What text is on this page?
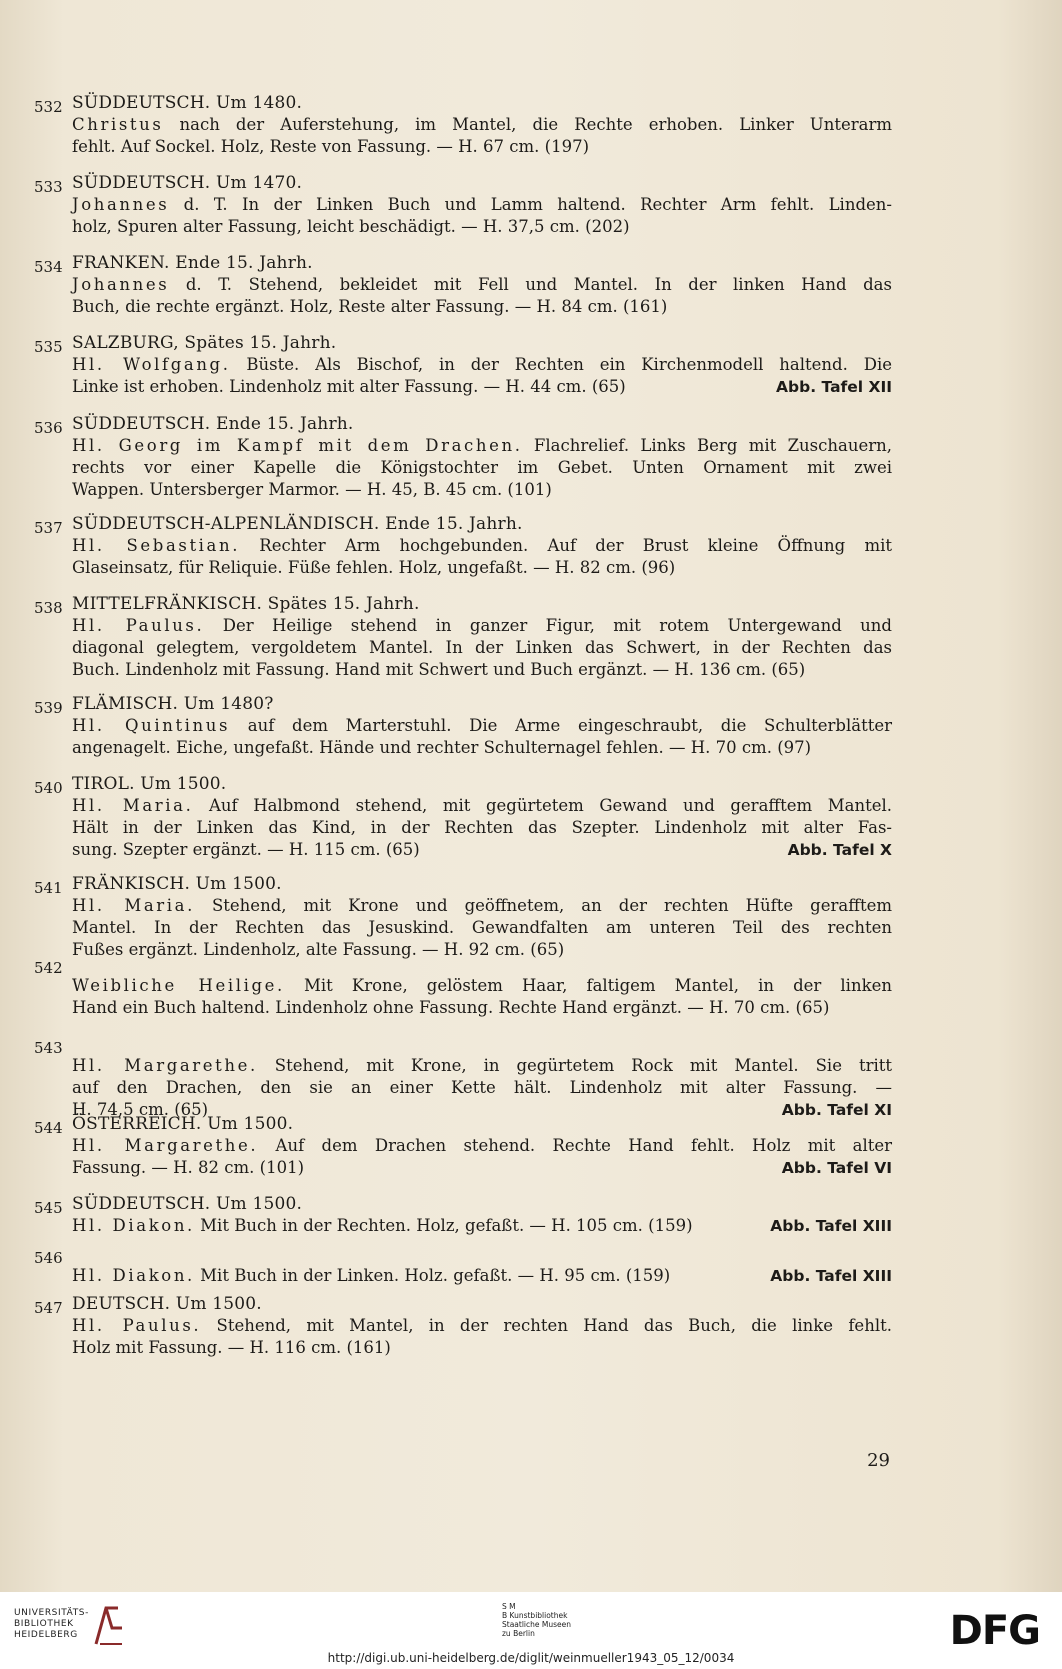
532 SÜDDEUTSCH. Um 1480.
Christus nach der Auferstehung, im Mantel, die Rechte erhoben. Linker Unterarm
fehlt. Auf Sockel. Holz, Reste von Fassung. — H. 67 cm. (197)
533 SÜDDEUTSCH. Um 1470.
Johannes d. T. In der Linken Buch und Lamm haltend. Rechter Arm fehlt. Linden-
holz, Spuren alter Fassung, leicht beschädigt. — H. 37,5 cm. (202)
534 FRANKEN. Ende 15. Jahrh.
Johannes d. T. Stehend, bekleidet mit Fell und Mantel. In der linken Hand das
Buch, die rechte ergänzt. Holz, Reste alter Fassung. — H. 84 cm. (161)
535 SALZBURG, Spätes 15. Jahrh.
Hl. Wolfgang. Büste. Als Bischof, in der Rechten ein Kirchenmodell haltend. Die
Linke ist erhoben. Lindenholz mit alter Fassung. — H. 44 cm. (65)	Abb. Tafel XII
536 SÜDDEUTSCH. Ende 15. Jahrh.
Hl. Georg im Kampf mit dem Drachen. Flachrelief. Links Berg mit Zuschauern,
rechts vor einer Kapelle die Königstochter im Gebet. Unten Ornament mit zwei
Wappen. Untersberger Marmor. — H. 45, B. 45 cm. (101)
537 SÜDDEUTSCH-ALPENLÄNDISCH. Ende 15. Jahrh.
Hl. Sebastian. Rechter Arm hochgebunden. Auf der Brust kleine Öffnung mit
Glaseinsatz, für Reliquie. Füße fehlen. Holz, ungefaßt. — H. 82 cm. (96)
538 MITTELFRÄNKISCH. Spätes 15. Jahrh.
Hl. Paulus. Der Heilige stehend in ganzer Figur, mit rotem Untergewand und
diagonal gelegtem, vergoldetem Mantel. In der Linken das Schwert, in der Rechten das
Buch. Lindenholz mit Fassung. Hand mit Schwert und Buch ergänzt. — H. 136 cm. (65)
539 FLÄMISCH. Um 1480?
Hl. Quintinus auf dem Marterstuhl. Die Arme eingeschraubt, die Schulterblätter
angenagelt. Eiche, ungefaßt. Hände und rechter Schulternagel fehlen. — H. 70 cm. (97)
540 TIROL. Um 1500.
Hl. Maria. Auf Halbmond stehend, mit gegürtetem Gewand und gerafftem Mantel.
Hält in der Linken das Kind, in der Rechten das Szepter. Lindenholz mit alter Fas-
sung. Szepter ergänzt. — H. 115 cm. (65)	Abb. Tafel X
541 FRÄNKISCH. Um 1500.
Hl. Maria. Stehend, mit Krone und geöffnetem, an der rechten Hüfte gerafftem
Mantel. In der Rechten das Jesuskind. Gewandfalten am unteren Teil des rechten
Fußes ergänzt. Lindenholz, alte Fassung. — H. 92 cm. (65)
542
Weibliche Heilige. Mit Krone, gelöstem Haar, faltigem Mantel, in der linken
Hand ein Buch haltend. Lindenholz ohne Fassung. Rechte Hand ergänzt. — H. 70 cm. (65)
543
Hl. Margarethe. Stehend, mit Krone, in gegürtetem Rock mit Mantel. Sie tritt
auf den Drachen, den sie an einer Kette hält. Lindenholz mit alter Fassung. —
H. 74,5 cm. (65)	Abb. Tafel XI
544 ÖSTERREICH. Um 1500.
Hl. Margarethe. Auf dem Drachen stehend. Rechte Hand fehlt. Holz mit alter
Fassung. — H. 82 cm. (101)	Abb. Tafel VI
545 SÜDDEUTSCH. Um 1500.
Hl. Diakon. Mit Buch in der Rechten. Holz, gefaßt. — H. 105 cm. (159)	Abb. Tafel XIII
546
Hl. Diakon. Mit Buch in der Linken. Holz. gefaßt. — H. 95 cm. (159)	Abb. Tafel XIII
547 DEUTSCH. Um 1500.
Hl. Paulus. Stehend, mit Mantel, in der rechten Hand das Buch, die linke fehlt.
Holz mit Fassung. — H. 116 cm. (161)
29
UNIVERSITÄTS-
BIBLIOTHEK
HEIDELBERG
S M
B Kunstbibliothek
Staatliche Museen
zu Berlin	DFG
http://digi.ub.uni-heidelberg.de/diglit/weinmueller1943_05_12/0034
